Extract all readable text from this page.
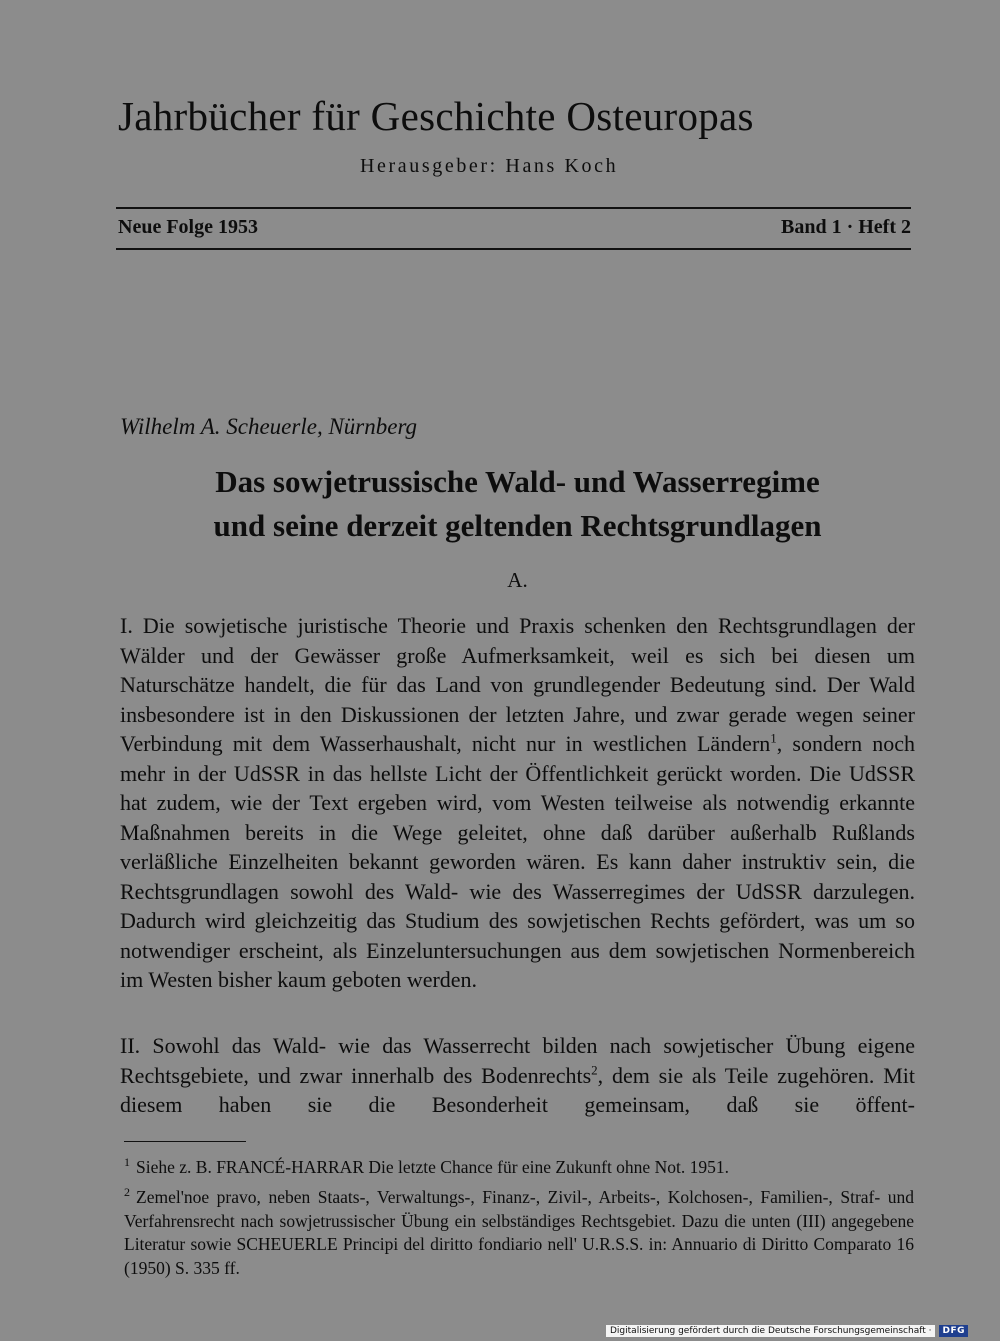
Jahrbücher für Geschichte Osteuropas
Herausgeber: Hans Koch
Neue Folge 1953	Band 1 · Heft 2
Wilhelm A. Scheuerle, Nürnberg
Das sowjetrussische Wald- und Wasserregime
und seine derzeit geltenden Rechtsgrundlagen
A.

I. Die sowjetische juristische Theorie und Praxis schenken den Rechtsgrundlagen der Wälder und der Gewässer große Aufmerksamkeit, weil es sich bei diesen um Naturschätze handelt, die für das Land von grundlegender Bedeutung sind. Der Wald insbesondere ist in den Diskussionen der letzten Jahre, und zwar gerade wegen seiner Verbindung mit dem Wasserhaushalt, nicht nur in westlichen Ländern$^1$, sondern noch mehr in der UdSSR in das hellste Licht der Öffentlichkeit gerückt worden. Die UdSSR hat zudem, wie der Text ergeben wird, vom Westen teilweise als notwendig erkannte Maßnahmen bereits in die Wege geleitet, ohne daß darüber außerhalb Rußlands verläßliche Einzelheiten bekannt geworden wären. Es kann daher instruktiv sein, die Rechtsgrundlagen sowohl des Wald- wie des Wasserregimes der UdSSR darzulegen. Dadurch wird gleichzeitig das Studium des sowjetischen Rechts gefördert, was um so notwendiger erscheint, als Einzeluntersuchungen aus dem sowjetischen Normenbereich im Westen bisher kaum geboten werden.

II. Sowohl das Wald- wie das Wasserrecht bilden nach sowjetischer Übung eigene Rechtsgebiete, und zwar innerhalb des Bodenrechts$^2$, dem sie als Teile zugehören. Mit diesem haben sie die Besonderheit gemeinsam, daß sie öffent-

$^1$ Siehe z. B. FRANCÉ-HARRAR Die letzte Chance für eine Zukunft ohne Not. 1951.
$^2$ Zemel'noe pravo, neben Staats-, Verwaltungs-, Finanz-, Zivil-, Arbeits-, Kolchosen-, Familien-, Straf- und Verfahrensrecht nach sowjetrussischer Übung ein selbständiges Rechtsgebiet. Dazu die unten (III) angegebene Literatur sowie SCHEUERLE Principi del diritto fondiario nell' U.R.S.S. in: Annuario di Diritto Comparato 16 (1950) S. 335 ff.
Digitalisierung gefördert durch die Deutsche Forschungsgemeinschaft ·	DFG
